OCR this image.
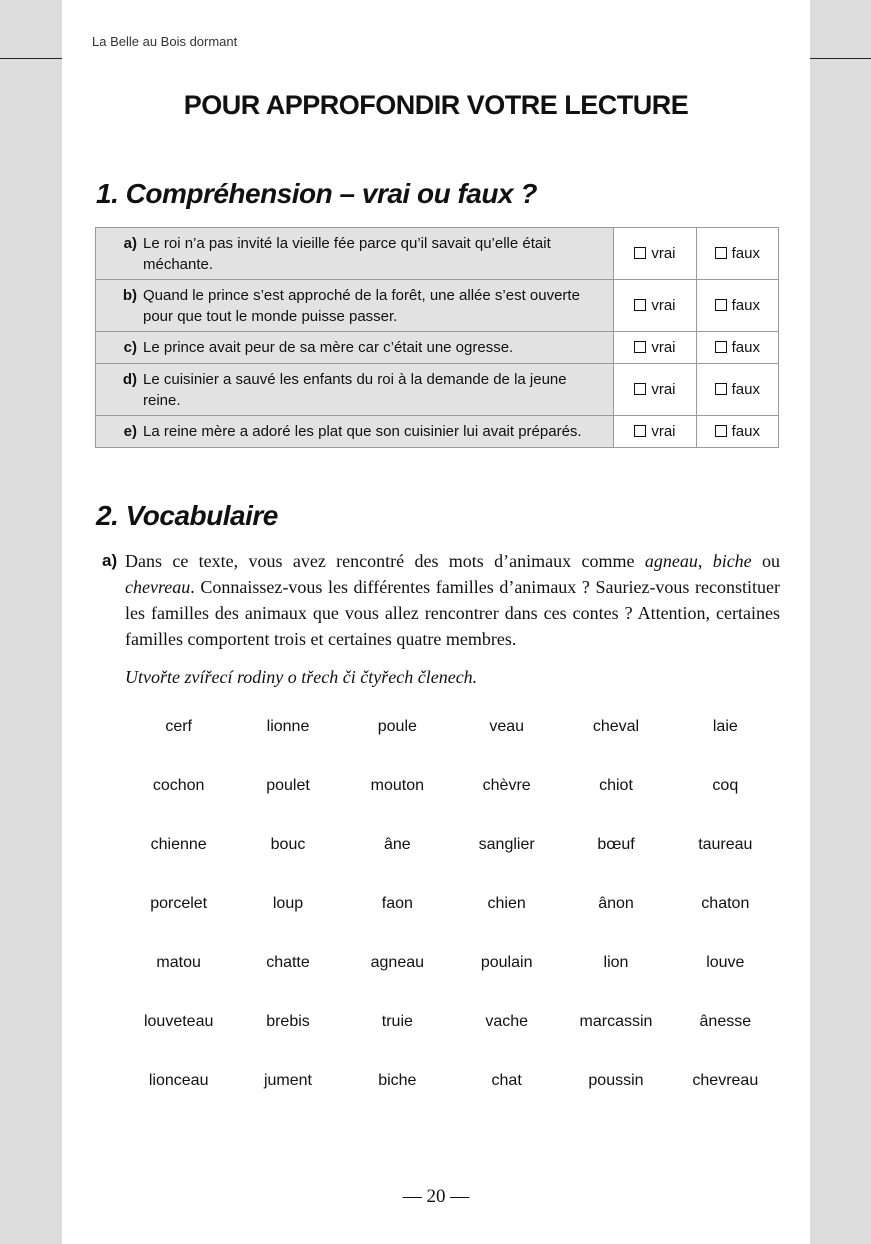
La Belle au Bois dormant
POUR APPROFONDIR VOTRE LECTURE
1. Compréhension – vrai ou faux ?
a) Le roi n’a pas invité la vieille fée parce qu’il savait qu’elle était méchante.	vrai	faux

b) Quand le prince s’est approché de la forêt, une allée s’est ouverte pour que tout le monde puisse passer.	vrai	faux

c) Le prince avait peur de sa mère car c’était une ogresse.	vrai	faux

d) Le cuisinier a sauvé les enfants du roi à la demande de la jeune reine.	vrai	faux

e) La reine mère a adoré les plat que son cuisinier lui avait préparés.	vrai	faux
2. Vocabulaire
a) Dans ce texte, vous avez rencontré des mots d’animaux comme agneau, biche ou chevreau. Connaissez-vous les différentes familles d’animaux ? Sauriez-vous reconstituer les familles des animaux que vous allez rencontrer dans ces contes ? Attention, certaines familles comportent trois et certaines quatre membres.
Utvořte zvířecí rodiny o třech či čtyřech členech.
cerf	lionne	poule	veau	cheval	laie
cochon	poulet	mouton	chèvre	chiot	coq
chienne	bouc	âne	sanglier	bœuf	taureau
porcelet	loup	faon	chien	ânon	chaton
matou	chatte	agneau	poulain	lion	louve
louveteau	brebis	truie	vache	marcassin	ânesse
lionceau	jument	biche	chat	poussin	chevreau
— 20 —
